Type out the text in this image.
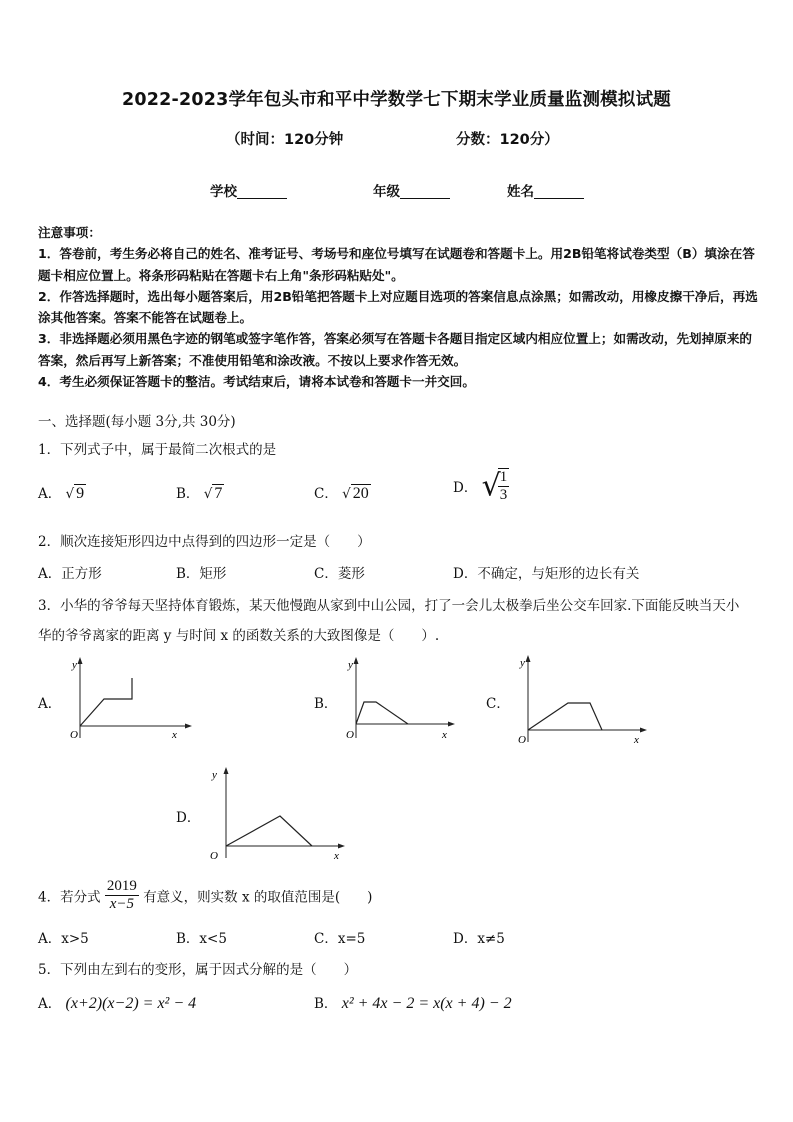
2022-2023学年包头市和平中学数学七下期末学业质量监测模拟试题
（时间：120分钟	分数：120分）
学校	年级	姓名

注意事项：

1．答卷前，考生务必将自己的姓名、准考证号、考场号和座位号填写在试题卷和答题卡上。用2B铅笔将试卷类型（B）填涂在答题卡相应位置上。将条形码粘贴在答题卡右上角"条形码粘贴处"。

2．作答选择题时，选出每小题答案后，用2B铅笔把答题卡上对应题目选项的答案信息点涂黑；如需改动，用橡皮擦干净后，再选涂其他答案。答案不能答在试题卷上。

3．非选择题必须用黑色字迹的钢笔或签字笔作答，答案必须写在答题卡各题目指定区域内相应位置上；如需改动，先划掉原来的答案，然后再写上新答案；不准使用铅笔和涂改液。不按以上要求作答无效。

4．考生必须保证答题卡的整洁。考试结束后，请将本试卷和答题卡一并交回。

一、选择题(每小题 3分,共 30分)
1．下列式子中，属于最简二次根式的是
A． √ 9	B． √ 7	C． √ 20	D． √
$\frac{1}{3}$
2．顺次连接矩形四边中点得到的四边形一定是（　　）
A．正方形	B．矩形	C．菱形	D．不确定，与矩形的边长有关
3．小华的爷爷每天坚持体育锻炼，某天他慢跑从家到中山公园，打了一会儿太极拳后坐公交车回家.下面能反映当天小
华的爷爷离家的距离 y 与时间 x 的函数关系的大致图像是（　　）.
A．
y
x
O
B．
y
x
O
C．
y
x
O
D．
y
x
O
4．若分式 $\frac{2019}{x-5}$ 有意义，则实数 x 的取值范围是(　　)
A．x>5	B．x<5	C．x=5	D．x≠5
5．下列由左到右的变形，属于因式分解的是（　　）
A． (x+2)(x−2) = x² − 4	B． x² + 4x − 2 = x(x + 4) − 2
